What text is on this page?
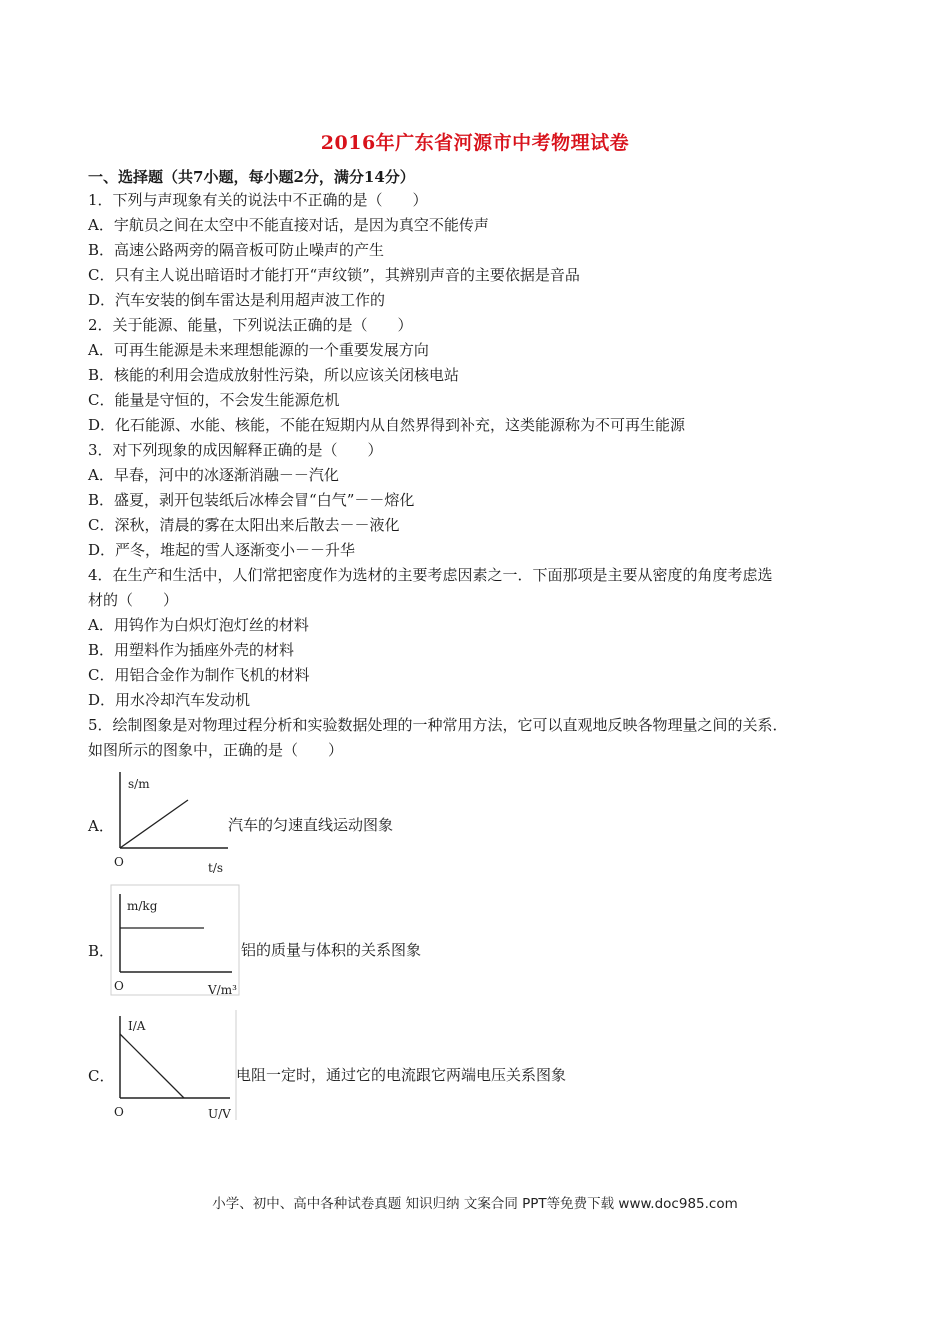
2016年广东省河源市中考物理试卷
一、选择题（共7小题，每小题2分，满分14分）
1．下列与声现象有关的说法中不正确的是（　　）
A．宇航员之间在太空中不能直接对话，是因为真空不能传声
B．高速公路两旁的隔音板可防止噪声的产生
C．只有主人说出暗语时才能打开“声纹锁”，其辨别声音的主要依据是音品
D．汽车安装的倒车雷达是利用超声波工作的
2．关于能源、能量，下列说法正确的是（　　）
A．可再生能源是未来理想能源的一个重要发展方向
B．核能的利用会造成放射性污染，所以应该关闭核电站
C．能量是守恒的，不会发生能源危机
D．化石能源、水能、核能，不能在短期内从自然界得到补充，这类能源称为不可再生能源
3．对下列现象的成因解释正确的是（　　）
A．早春，河中的冰逐渐消融－－汽化
B．盛夏，剥开包装纸后冰棒会冒“白气”－－熔化
C．深秋，清晨的雾在太阳出来后散去－－液化
D．严冬，堆起的雪人逐渐变小－－升华
4．在生产和生活中，人们常把密度作为选材的主要考虑因素之一．下面那项是主要从密度的角度考虑选
材的（　　）
A．用钨作为白炽灯泡灯丝的材料
B．用塑料作为插座外壳的材料
C．用铝合金作为制作飞机的材料
D．用水冷却汽车发动机
5．绘制图象是对物理过程分析和实验数据处理的一种常用方法，它可以直观地反映各物理量之间的关系．
如图所示的图象中，正确的是（　　）
A．
s/m
O	t/s
汽车的匀速直线运动图象
B．
m/kg
O	V/m³
铝的质量与体积的关系图象
C．
I/A
O	U/V
电阻一定时，通过它的电流跟它两端电压关系图象
小学、初中、高中各种试卷真题 知识归纳 文案合同 PPT等免费下载 www.doc985.com
